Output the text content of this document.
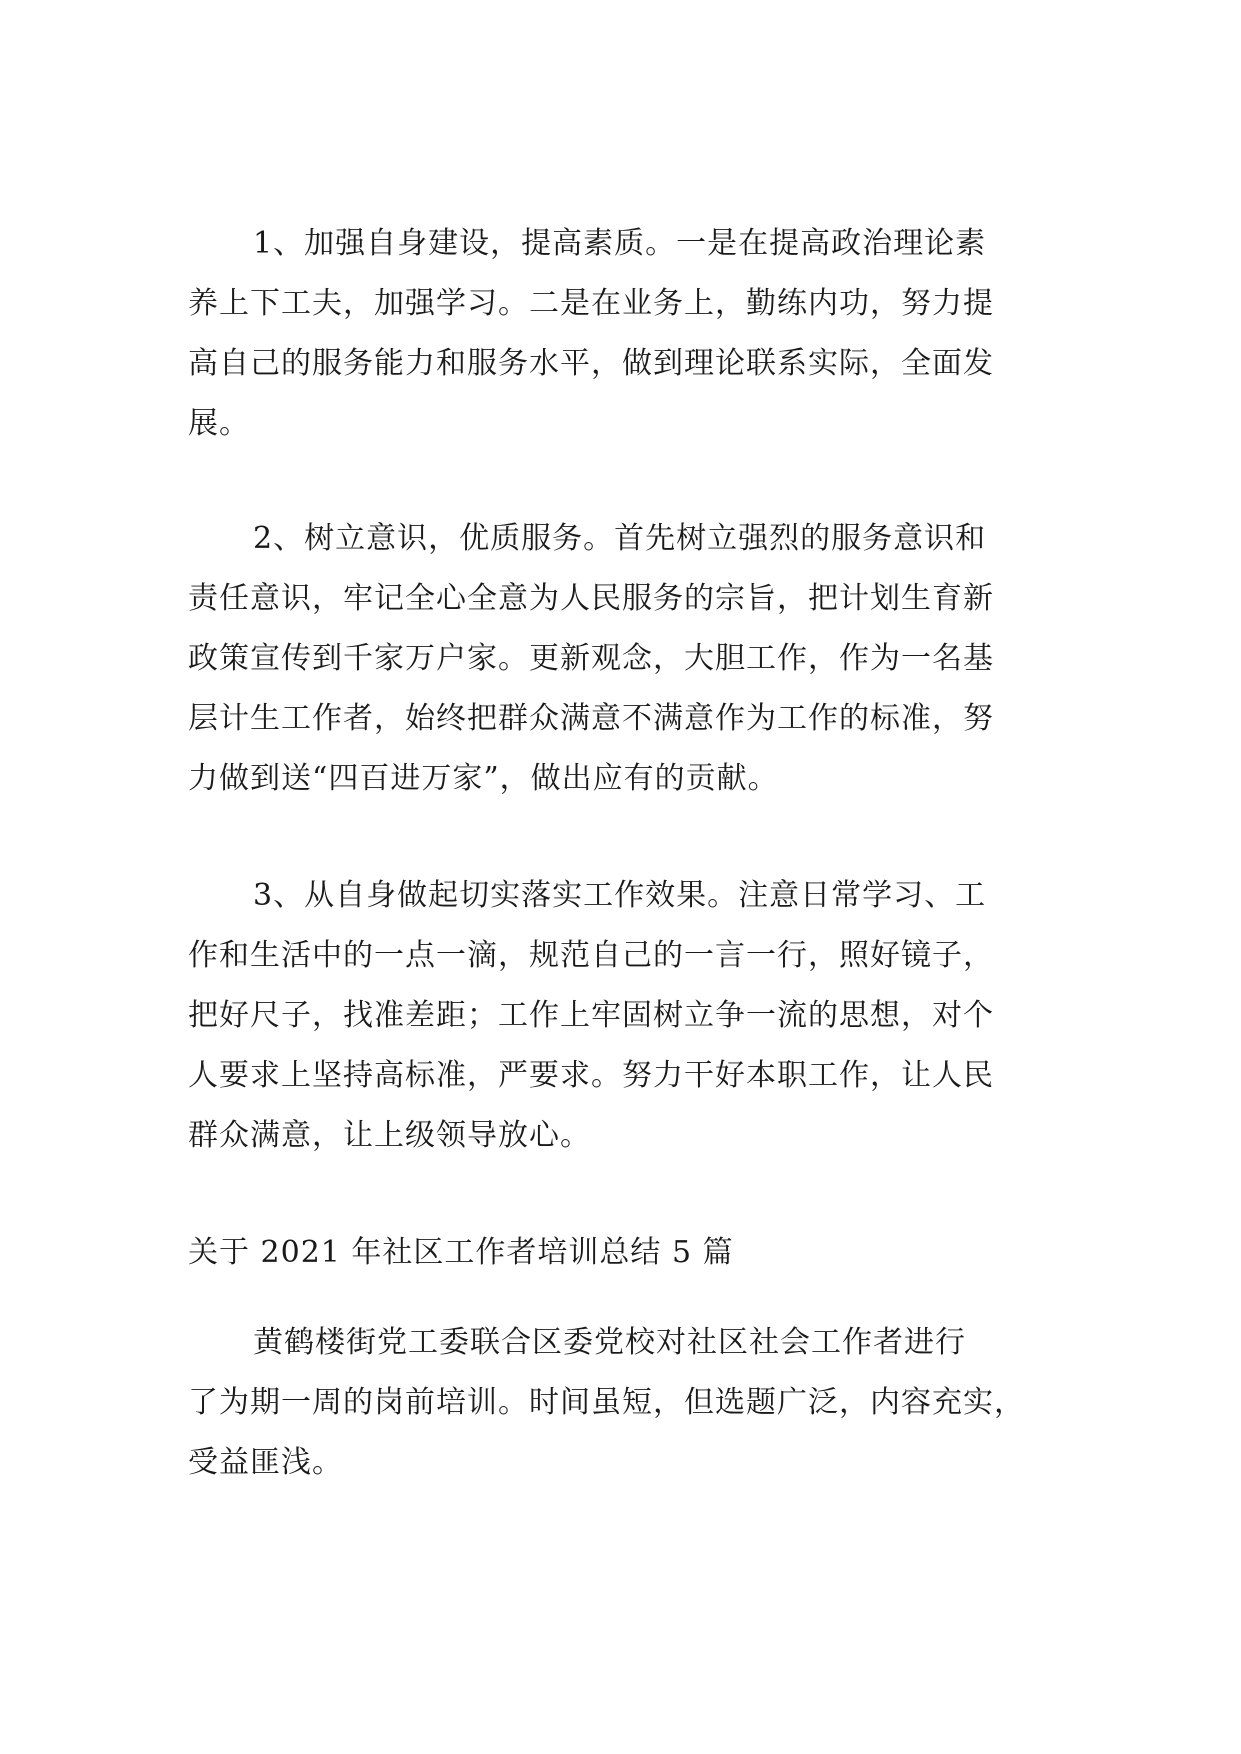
1、加强自身建设，提高素质。一是在提高政治理论素
养上下工夫，加强学习。二是在业务上，勤练内功，努力提
高自己的服务能力和服务水平，做到理论联系实际，全面发
展。

2、树立意识，优质服务。首先树立强烈的服务意识和
责任意识，牢记全心全意为人民服务的宗旨，把计划生育新
政策宣传到千家万户家。更新观念，大胆工作，作为一名基
层计生工作者，始终把群众满意不满意作为工作的标准，努
力做到送“四百进万家”，做出应有的贡献。

3、从自身做起切实落实工作效果。注意日常学习、工
作和生活中的一点一滴，规范自己的一言一行，照好镜子，
把好尺子，找准差距；工作上牢固树立争一流的思想，对个
人要求上坚持高标准，严要求。努力干好本职工作，让人民
群众满意，让上级领导放心。

关于 2021 年社区工作者培训总结 5 篇

黄鹤楼街党工委联合区委党校对社区社会工作者进行
了为期一周的岗前培训。时间虽短，但选题广泛，内容充实，
受益匪浅。
